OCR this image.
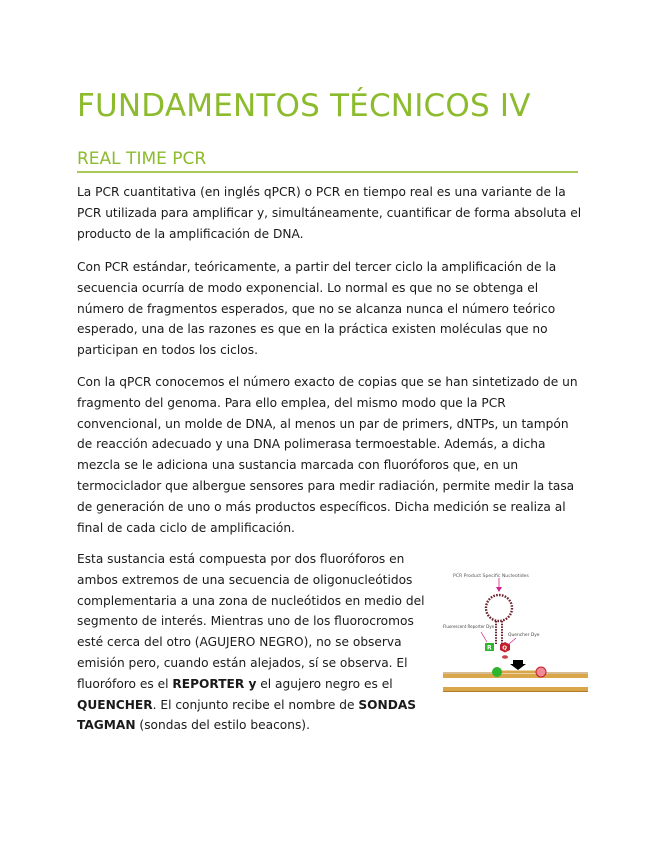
FUNDAMENTOS TÉCNICOS IV
REAL TIME PCR

La PCR cuantitativa (en inglés qPCR) o PCR en tiempo real es una variante de la PCR utilizada para amplificar y, simultáneamente, cuantificar de forma absoluta el producto de la amplificación de DNA.

Con PCR estándar, teóricamente, a partir del tercer ciclo la amplificación de la secuencia ocurría de modo exponencial. Lo normal es que no se obtenga el número de fragmentos esperados, que no se alcanza nunca el número teórico esperado, una de las razones es que en la práctica existen moléculas que no participan en todos los ciclos.

Con la qPCR conocemos el número exacto de copias que se han sintetizado de un fragmento del genoma. Para ello emplea, del mismo modo que la PCR convencional, un molde de DNA, al menos un par de primers, dNTPs, un tampón de reacción adecuado y una DNA polimerasa termoestable. Además, a dicha mezcla se le adiciona una sustancia marcada con fluoróforos que, en un termociclador que albergue sensores para medir radiación, permite medir la tasa de generación de uno o más productos específicos. Dicha medición se realiza al final de cada ciclo de amplificación.

Esta sustancia está compuesta por dos fluoróforos en ambos extremos de una secuencia de oligonucleótidos complementaria a una zona de nucleótidos en medio del segmento de interés. Mientras uno de los fluorocromos esté cerca del otro (AGUJERO NEGRO), no se observa emisión pero, cuando están alejados, sí se observa. El fluoróforo es el REPORTER y el agujero negro es el QUENCHER. El conjunto recibe el nombre de SONDAS TAGMAN (sondas del estilo beacons).

PCR Product Specific Nucleotides
Fluorescent Reporter Dye
Quencher Dye
R Q
